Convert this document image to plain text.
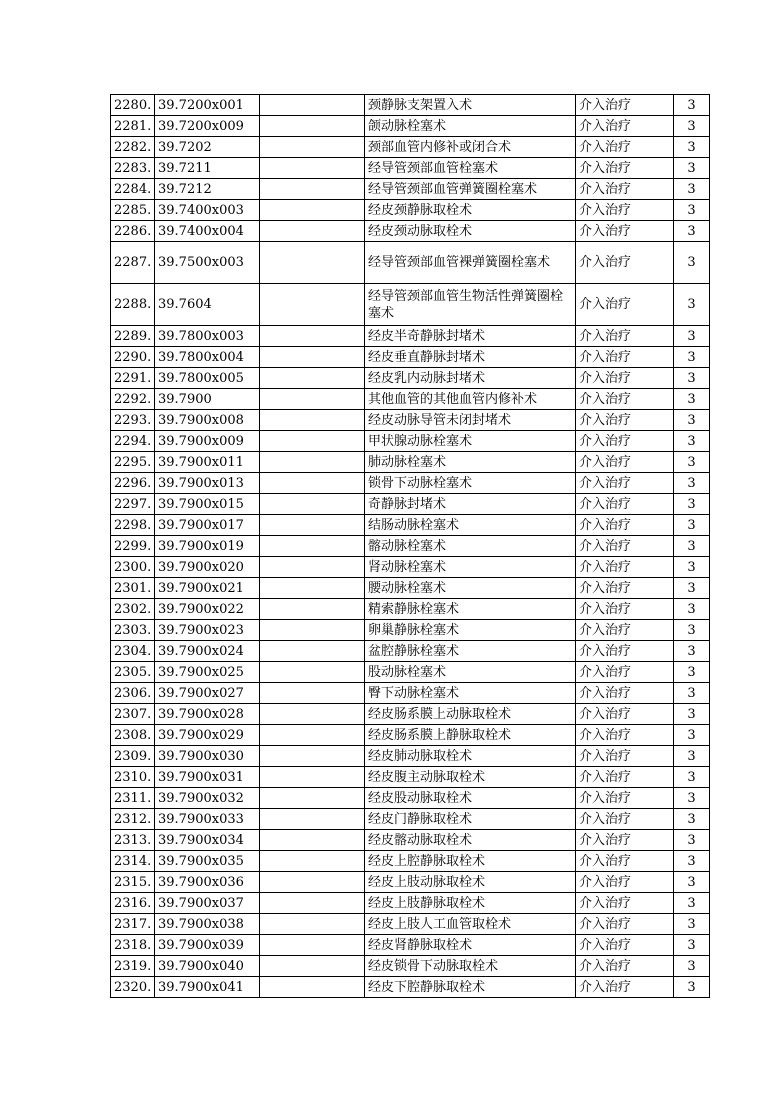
2280.	39.7200x001		颈静脉支架置入术	介入治疗	3
2281.	39.7200x009		颌动脉栓塞术	介入治疗	3
2282.	39.7202		颈部血管内修补或闭合术	介入治疗	3
2283.	39.7211		经导管颈部血管栓塞术	介入治疗	3
2284.	39.7212		经导管颈部血管弹簧圈栓塞术	介入治疗	3
2285.	39.7400x003		经皮颈静脉取栓术	介入治疗	3
2286.	39.7400x004		经皮颈动脉取栓术	介入治疗	3
2287.	39.7500x003		经导管颈部血管裸弹簧圈栓塞术	介入治疗	3
2288.	39.7604		经导管颈部血管生物活性弹簧圈栓塞术	介入治疗	3
2289.	39.7800x003		经皮半奇静脉封堵术	介入治疗	3
2290.	39.7800x004		经皮垂直静脉封堵术	介入治疗	3
2291.	39.7800x005		经皮乳内动脉封堵术	介入治疗	3
2292.	39.7900		其他血管的其他血管内修补术	介入治疗	3
2293.	39.7900x008		经皮动脉导管未闭封堵术	介入治疗	3
2294.	39.7900x009		甲状腺动脉栓塞术	介入治疗	3
2295.	39.7900x011		肺动脉栓塞术	介入治疗	3
2296.	39.7900x013		锁骨下动脉栓塞术	介入治疗	3
2297.	39.7900x015		奇静脉封堵术	介入治疗	3
2298.	39.7900x017		结肠动脉栓塞术	介入治疗	3
2299.	39.7900x019		髂动脉栓塞术	介入治疗	3
2300.	39.7900x020		肾动脉栓塞术	介入治疗	3
2301.	39.7900x021		腰动脉栓塞术	介入治疗	3
2302.	39.7900x022		精索静脉栓塞术	介入治疗	3
2303.	39.7900x023		卵巢静脉栓塞术	介入治疗	3
2304.	39.7900x024		盆腔静脉栓塞术	介入治疗	3
2305.	39.7900x025		股动脉栓塞术	介入治疗	3
2306.	39.7900x027		臀下动脉栓塞术	介入治疗	3
2307.	39.7900x028		经皮肠系膜上动脉取栓术	介入治疗	3
2308.	39.7900x029		经皮肠系膜上静脉取栓术	介入治疗	3
2309.	39.7900x030		经皮肺动脉取栓术	介入治疗	3
2310.	39.7900x031		经皮腹主动脉取栓术	介入治疗	3
2311.	39.7900x032		经皮股动脉取栓术	介入治疗	3
2312.	39.7900x033		经皮门静脉取栓术	介入治疗	3
2313.	39.7900x034		经皮髂动脉取栓术	介入治疗	3
2314.	39.7900x035		经皮上腔静脉取栓术	介入治疗	3
2315.	39.7900x036		经皮上肢动脉取栓术	介入治疗	3
2316.	39.7900x037		经皮上肢静脉取栓术	介入治疗	3
2317.	39.7900x038		经皮上肢人工血管取栓术	介入治疗	3
2318.	39.7900x039		经皮肾静脉取栓术	介入治疗	3
2319.	39.7900x040		经皮锁骨下动脉取栓术	介入治疗	3
2320.	39.7900x041		经皮下腔静脉取栓术	介入治疗	3
